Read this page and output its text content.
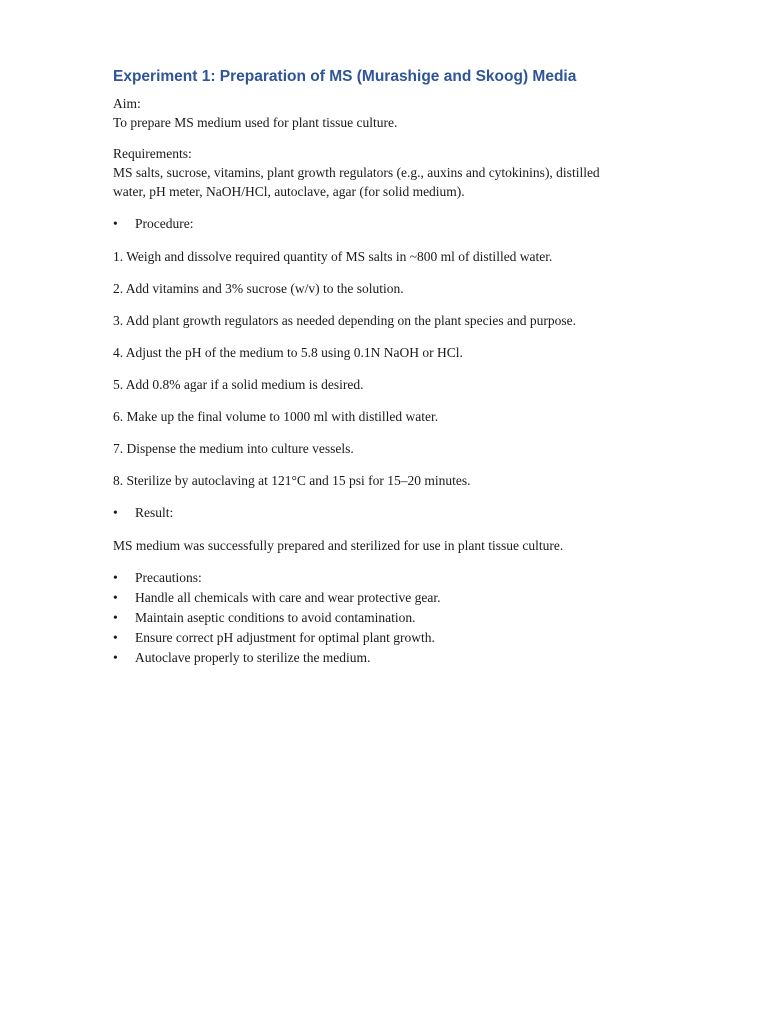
Experiment 1: Preparation of MS (Murashige and Skoog) Media

Aim:

To prepare MS medium used for plant tissue culture.

Requirements:

MS salts, sucrose, vitamins, plant growth regulators (e.g., auxins and cytokinins), distilled

water, pH meter, NaOH/HCl, autoclave, agar (for solid medium).

•	Procedure:

1. Weigh and dissolve required quantity of MS salts in ~800 ml of distilled water.

2. Add vitamins and 3% sucrose (w/v) to the solution.

3. Add plant growth regulators as needed depending on the plant species and purpose.

4. Adjust the pH of the medium to 5.8 using 0.1N NaOH or HCl.

5. Add 0.8% agar if a solid medium is desired.

6. Make up the final volume to 1000 ml with distilled water.

7. Dispense the medium into culture vessels.

8. Sterilize by autoclaving at 121°C and 15 psi for 15–20 minutes.

•	Result:

MS medium was successfully prepared and sterilized for use in plant tissue culture.

•	Precautions:
•	Handle all chemicals with care and wear protective gear.
•	Maintain aseptic conditions to avoid contamination.
•	Ensure correct pH adjustment for optimal plant growth.
•	Autoclave properly to sterilize the medium.
